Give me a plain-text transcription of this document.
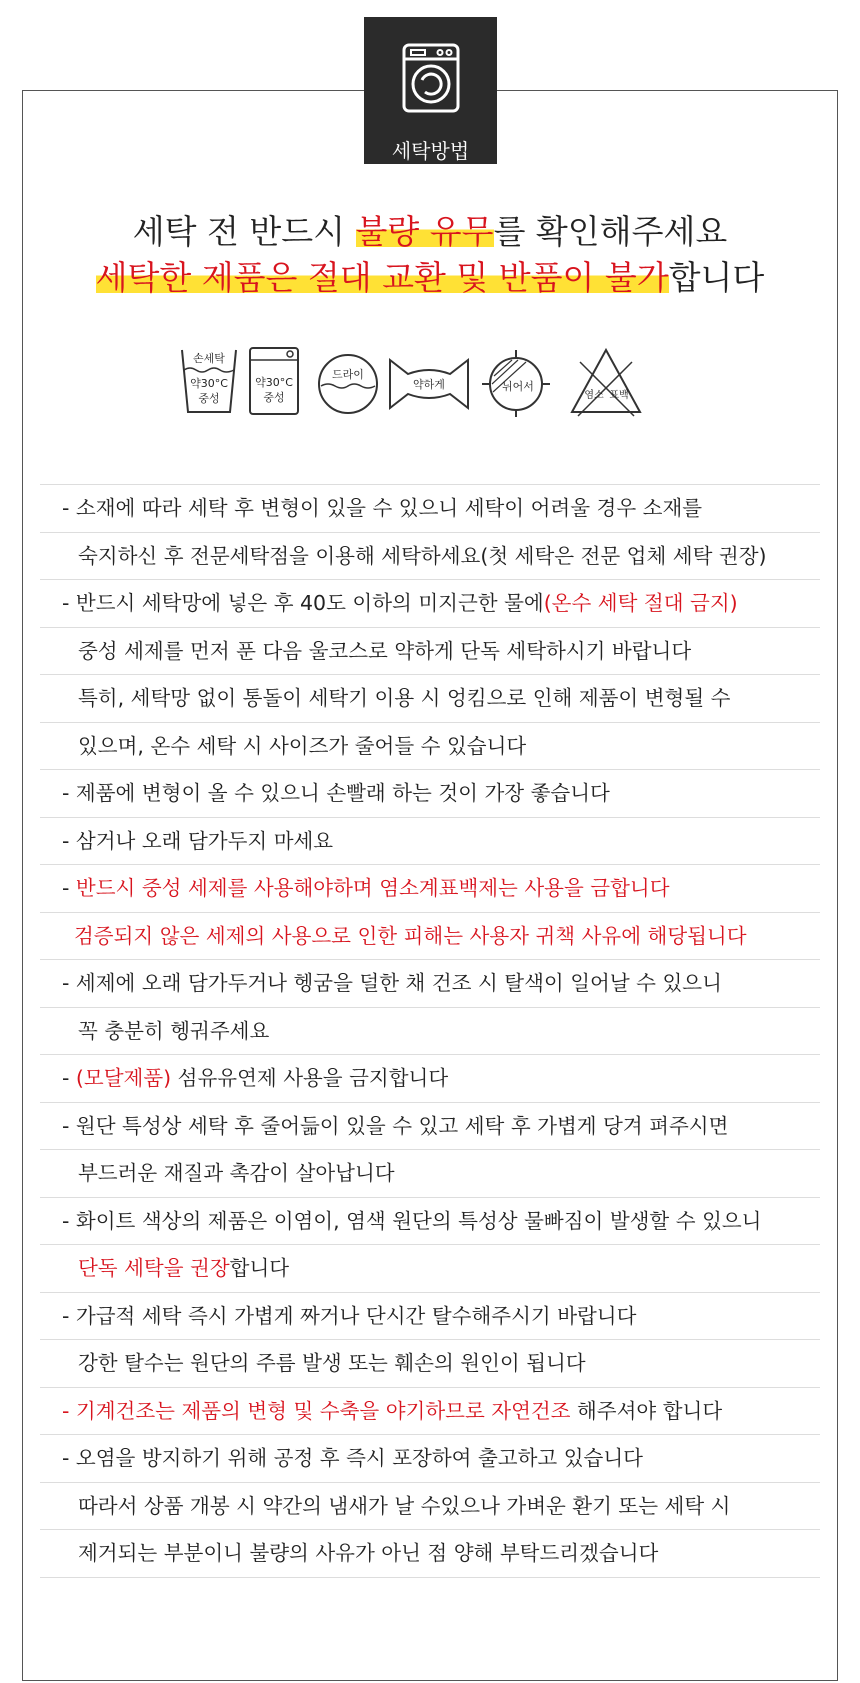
세탁방법
세탁 전 반드시 불량 유무를 확인해주세요
세탁한 제품은 절대 교환 및 반품이 불가합니다
손세탁
약30°C
중성
약30°C
중성
드라이
약하게	뉘어서
염소 표백
- 소재에 따라 세탁 후 변형이 있을 수 있으니 세탁이 어려울 경우 소재를
숙지하신 후 전문세탁점을 이용해 세탁하세요(첫 세탁은 전문 업체 세탁 권장)
- 반드시 세탁망에 넣은 후 40도 이하의 미지근한 물에(온수 세탁 절대 금지)
중성 세제를 먼저 푼 다음 울코스로 약하게 단독 세탁하시기 바랍니다
특히, 세탁망 없이 통돌이 세탁기 이용 시 엉킴으로 인해 제품이 변형될 수
있으며, 온수 세탁 시 사이즈가 줄어들 수 있습니다
- 제품에 변형이 올 수 있으니 손빨래 하는 것이 가장 좋습니다
- 삼거나 오래 담가두지 마세요
- 반드시 중성 세제를 사용해야하며 염소계표백제는 사용을 금합니다
검증되지 않은 세제의 사용으로 인한 피해는 사용자 귀책 사유에 해당됩니다
- 세제에 오래 담가두거나 헹굼을 덜한 채 건조 시 탈색이 일어날 수 있으니
꼭 충분히 헹궈주세요
- (모달제품) 섬유유연제 사용을 금지합니다
- 원단 특성상 세탁 후 줄어듦이 있을 수 있고 세탁 후 가볍게 당겨 펴주시면
부드러운 재질과 촉감이 살아납니다
- 화이트 색상의 제품은 이염이, 염색 원단의 특성상 물빠짐이 발생할 수 있으니
단독 세탁을 권장합니다
- 가급적 세탁 즉시 가볍게 짜거나 단시간 탈수해주시기 바랍니다
강한 탈수는 원단의 주름 발생 또는 훼손의 원인이 됩니다
- 기계건조는 제품의 변형 및 수축을 야기하므로 자연건조 해주셔야 합니다
- 오염을 방지하기 위해 공정 후 즉시 포장하여 출고하고 있습니다
따라서 상품 개봉 시 약간의 냄새가 날 수있으나 가벼운 환기 또는 세탁 시
제거되는 부분이니 불량의 사유가 아닌 점 양해 부탁드리겠습니다
